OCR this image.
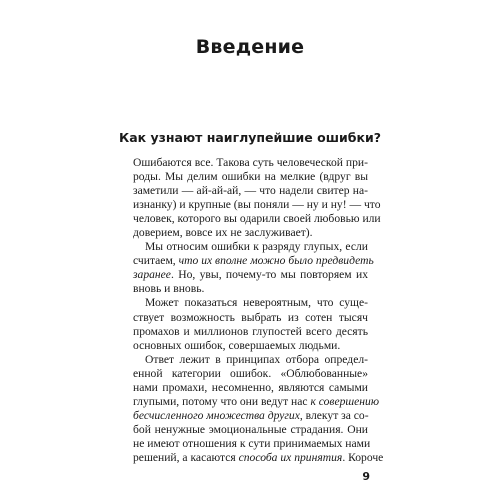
Введение
Как узнают наиглупейшие ошибки?
Ошибаются все. Такова суть человеческой при-
роды. Мы делим ошибки на мелкие (вдруг вы
заметили — ай-ай-ай, — что надели свитер на-
изнанку) и крупные (вы поняли — ну и ну! — что
человек, которого вы одарили своей любовью или
доверием, вовсе их не заслуживает).
Мы относим ошибки к разряду глупых, если
считаем, что их вполне можно было предвидеть
заранее. Но, увы, почему-то мы повторяем их
вновь и вновь.
Может показаться невероятным, что суще-
ствует возможность выбрать из сотен тысяч
промахов и миллионов глупостей всего десять
основных ошибок, совершаемых людьми.
Ответ лежит в принципах отбора определ-
енной категории ошибок. «Облюбованные»
нами промахи, несомненно, являются самыми
глупыми, потому что они ведут нас к совершению
бесчисленного множества других, влекут за со-
бой ненужные эмоциональные страдания. Они
не имеют отношения к сути принимаемых нами
решений, а касаются способа их принятия. Короче
9
